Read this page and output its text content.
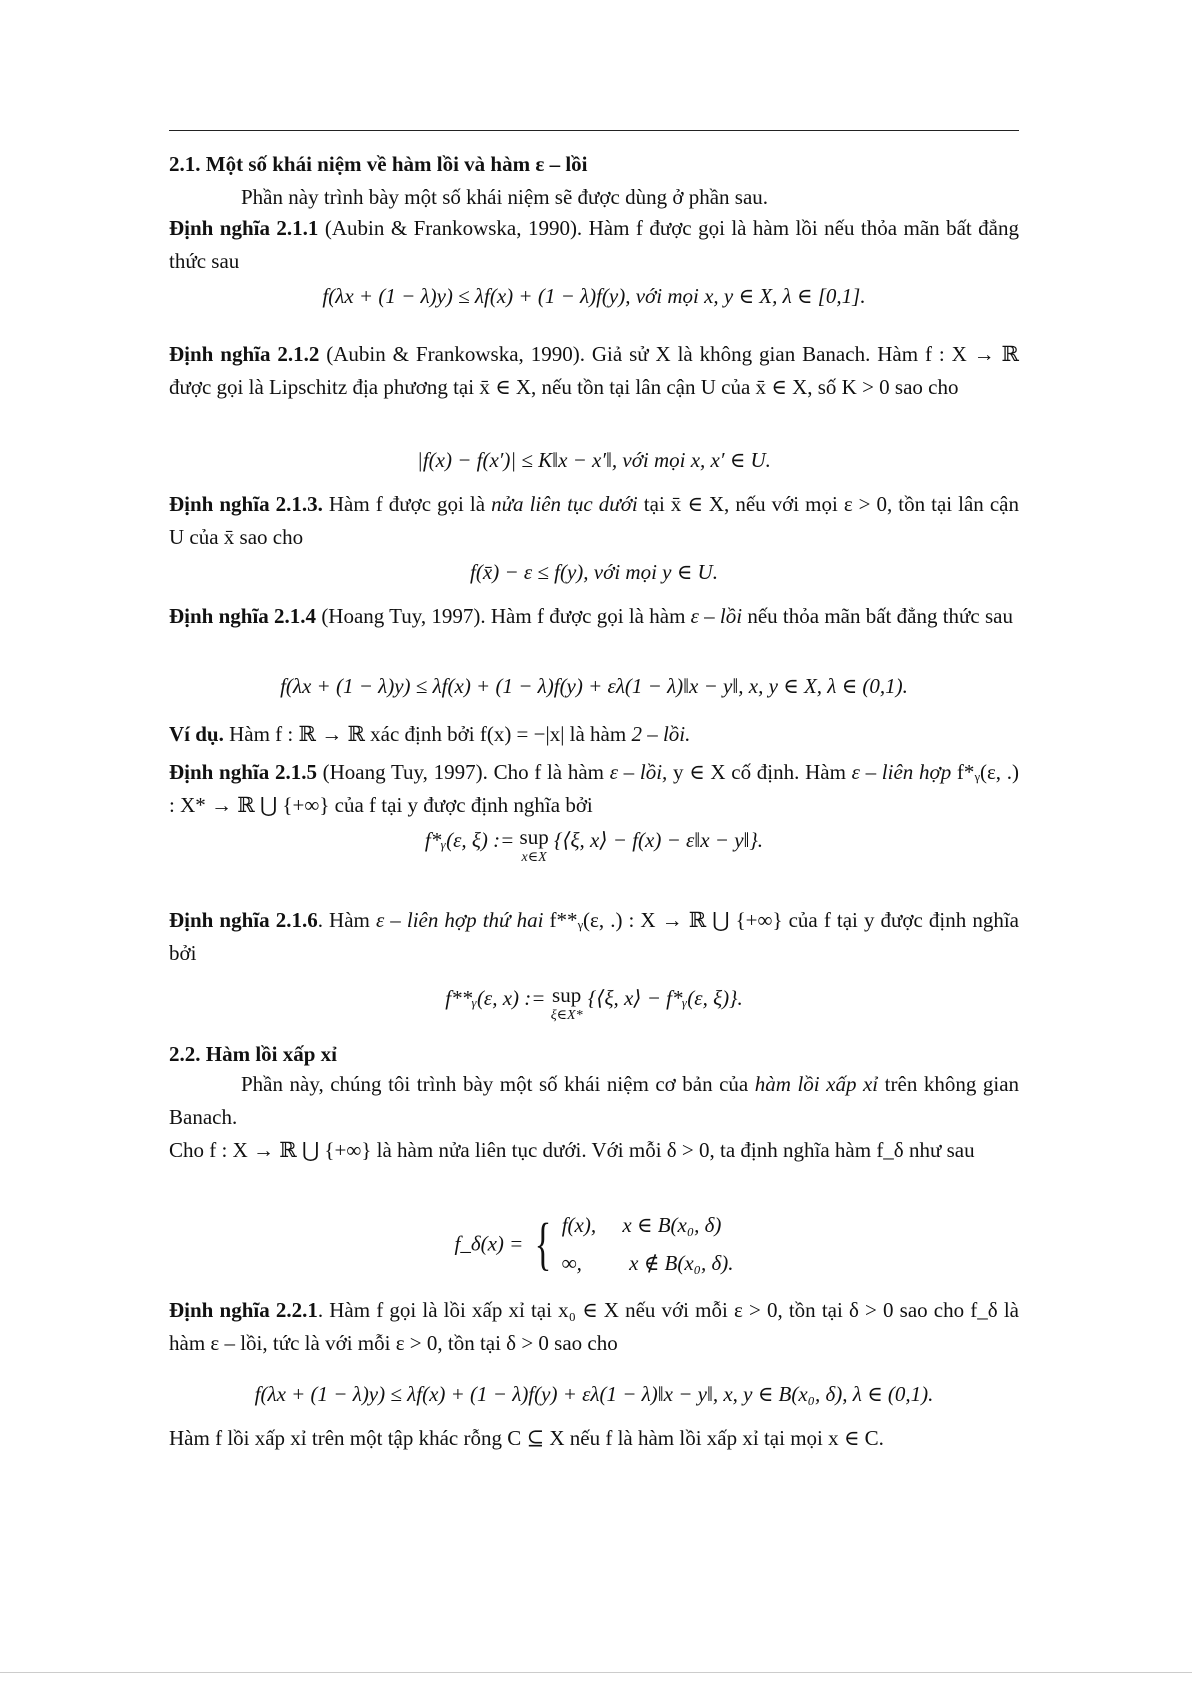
2.1. Một số khái niệm về hàm lồi và hàm ε – lồi
Phần này trình bày một số khái niệm sẽ được dùng ở phần sau.
Định nghĩa 2.1.1 (Aubin & Frankowska, 1990). Hàm f được gọi là hàm lồi nếu thỏa mãn bất đẳng thức sau
f(λx + (1 − λ)y) ≤ λf(x) + (1 − λ)f(y), với mọi x, y ∈ X, λ ∈ [0,1].
Định nghĩa 2.1.2 (Aubin & Frankowska, 1990). Giả sử X là không gian Banach. Hàm f : X → ℝ được gọi là Lipschitz địa phương tại x̄ ∈ X, nếu tồn tại lân cận U của x̄ ∈ X, số K > 0 sao cho
|f(x) − f(x′)| ≤ K‖x − x′‖, với mọi x, x′ ∈ U.
Định nghĩa 2.1.3. Hàm f được gọi là nửa liên tục dưới tại x̄ ∈ X, nếu với mọi ε > 0, tồn tại lân cận U của x̄ sao cho
f(x̄) − ε ≤ f(y), với mọi y ∈ U.
Định nghĩa 2.1.4 (Hoang Tuy, 1997). Hàm f được gọi là hàm ε – lồi nếu thỏa mãn bất đẳng thức sau
f(λx + (1 − λ)y) ≤ λf(x) + (1 − λ)f(y) + ελ(1 − λ)‖x − y‖, x, y ∈ X, λ ∈ (0,1).
Ví dụ. Hàm f : ℝ → ℝ xác định bởi f(x) = −|x| là hàm 2 – lồi.
Định nghĩa 2.1.5 (Hoang Tuy, 1997). Cho f là hàm ε – lồi, y ∈ X cố định. Hàm ε – liên hợp f*ᵧ(ε, .) : X* → ℝ ⋃ {+∞} của f tại y được định nghĩa bởi
f*ᵧ(ε, ξ) := sup
x∈X
{⟨ξ, x⟩ − f(x) − ε‖x − y‖}.
Định nghĩa 2.1.6. Hàm ε – liên hợp thứ hai f**ᵧ(ε, .) : X → ℝ ⋃ {+∞} của f tại y được định nghĩa bởi
f**ᵧ(ε, x) := sup
ξ∈X*
{⟨ξ, x⟩ − f*ᵧ(ε, ξ)}.
2.2. Hàm lồi xấp xỉ
Phần này, chúng tôi trình bày một số khái niệm cơ bản của hàm lồi xấp xỉ trên không gian Banach.
Cho f : X → ℝ ⋃ {+∞} là hàm nửa liên tục dưới. Với mỗi δ > 0, ta định nghĩa hàm f_δ như sau
f_δ(x) = { f(x),     x ∈ B(x₀, δ)
∞,         x ∉ B(x₀, δ).
Định nghĩa 2.2.1. Hàm f gọi là lồi xấp xỉ tại x₀ ∈ X nếu với mỗi ε > 0, tồn tại δ > 0 sao cho f_δ là hàm ε – lồi, tức là với mỗi ε > 0, tồn tại δ > 0 sao cho
f(λx + (1 − λ)y) ≤ λf(x) + (1 − λ)f(y) + ελ(1 − λ)‖x − y‖, x, y ∈ B(x₀, δ), λ ∈ (0,1).
Hàm f lồi xấp xỉ trên một tập khác rỗng C ⊆ X nếu f là hàm lồi xấp xỉ tại mọi x ∈ C.
